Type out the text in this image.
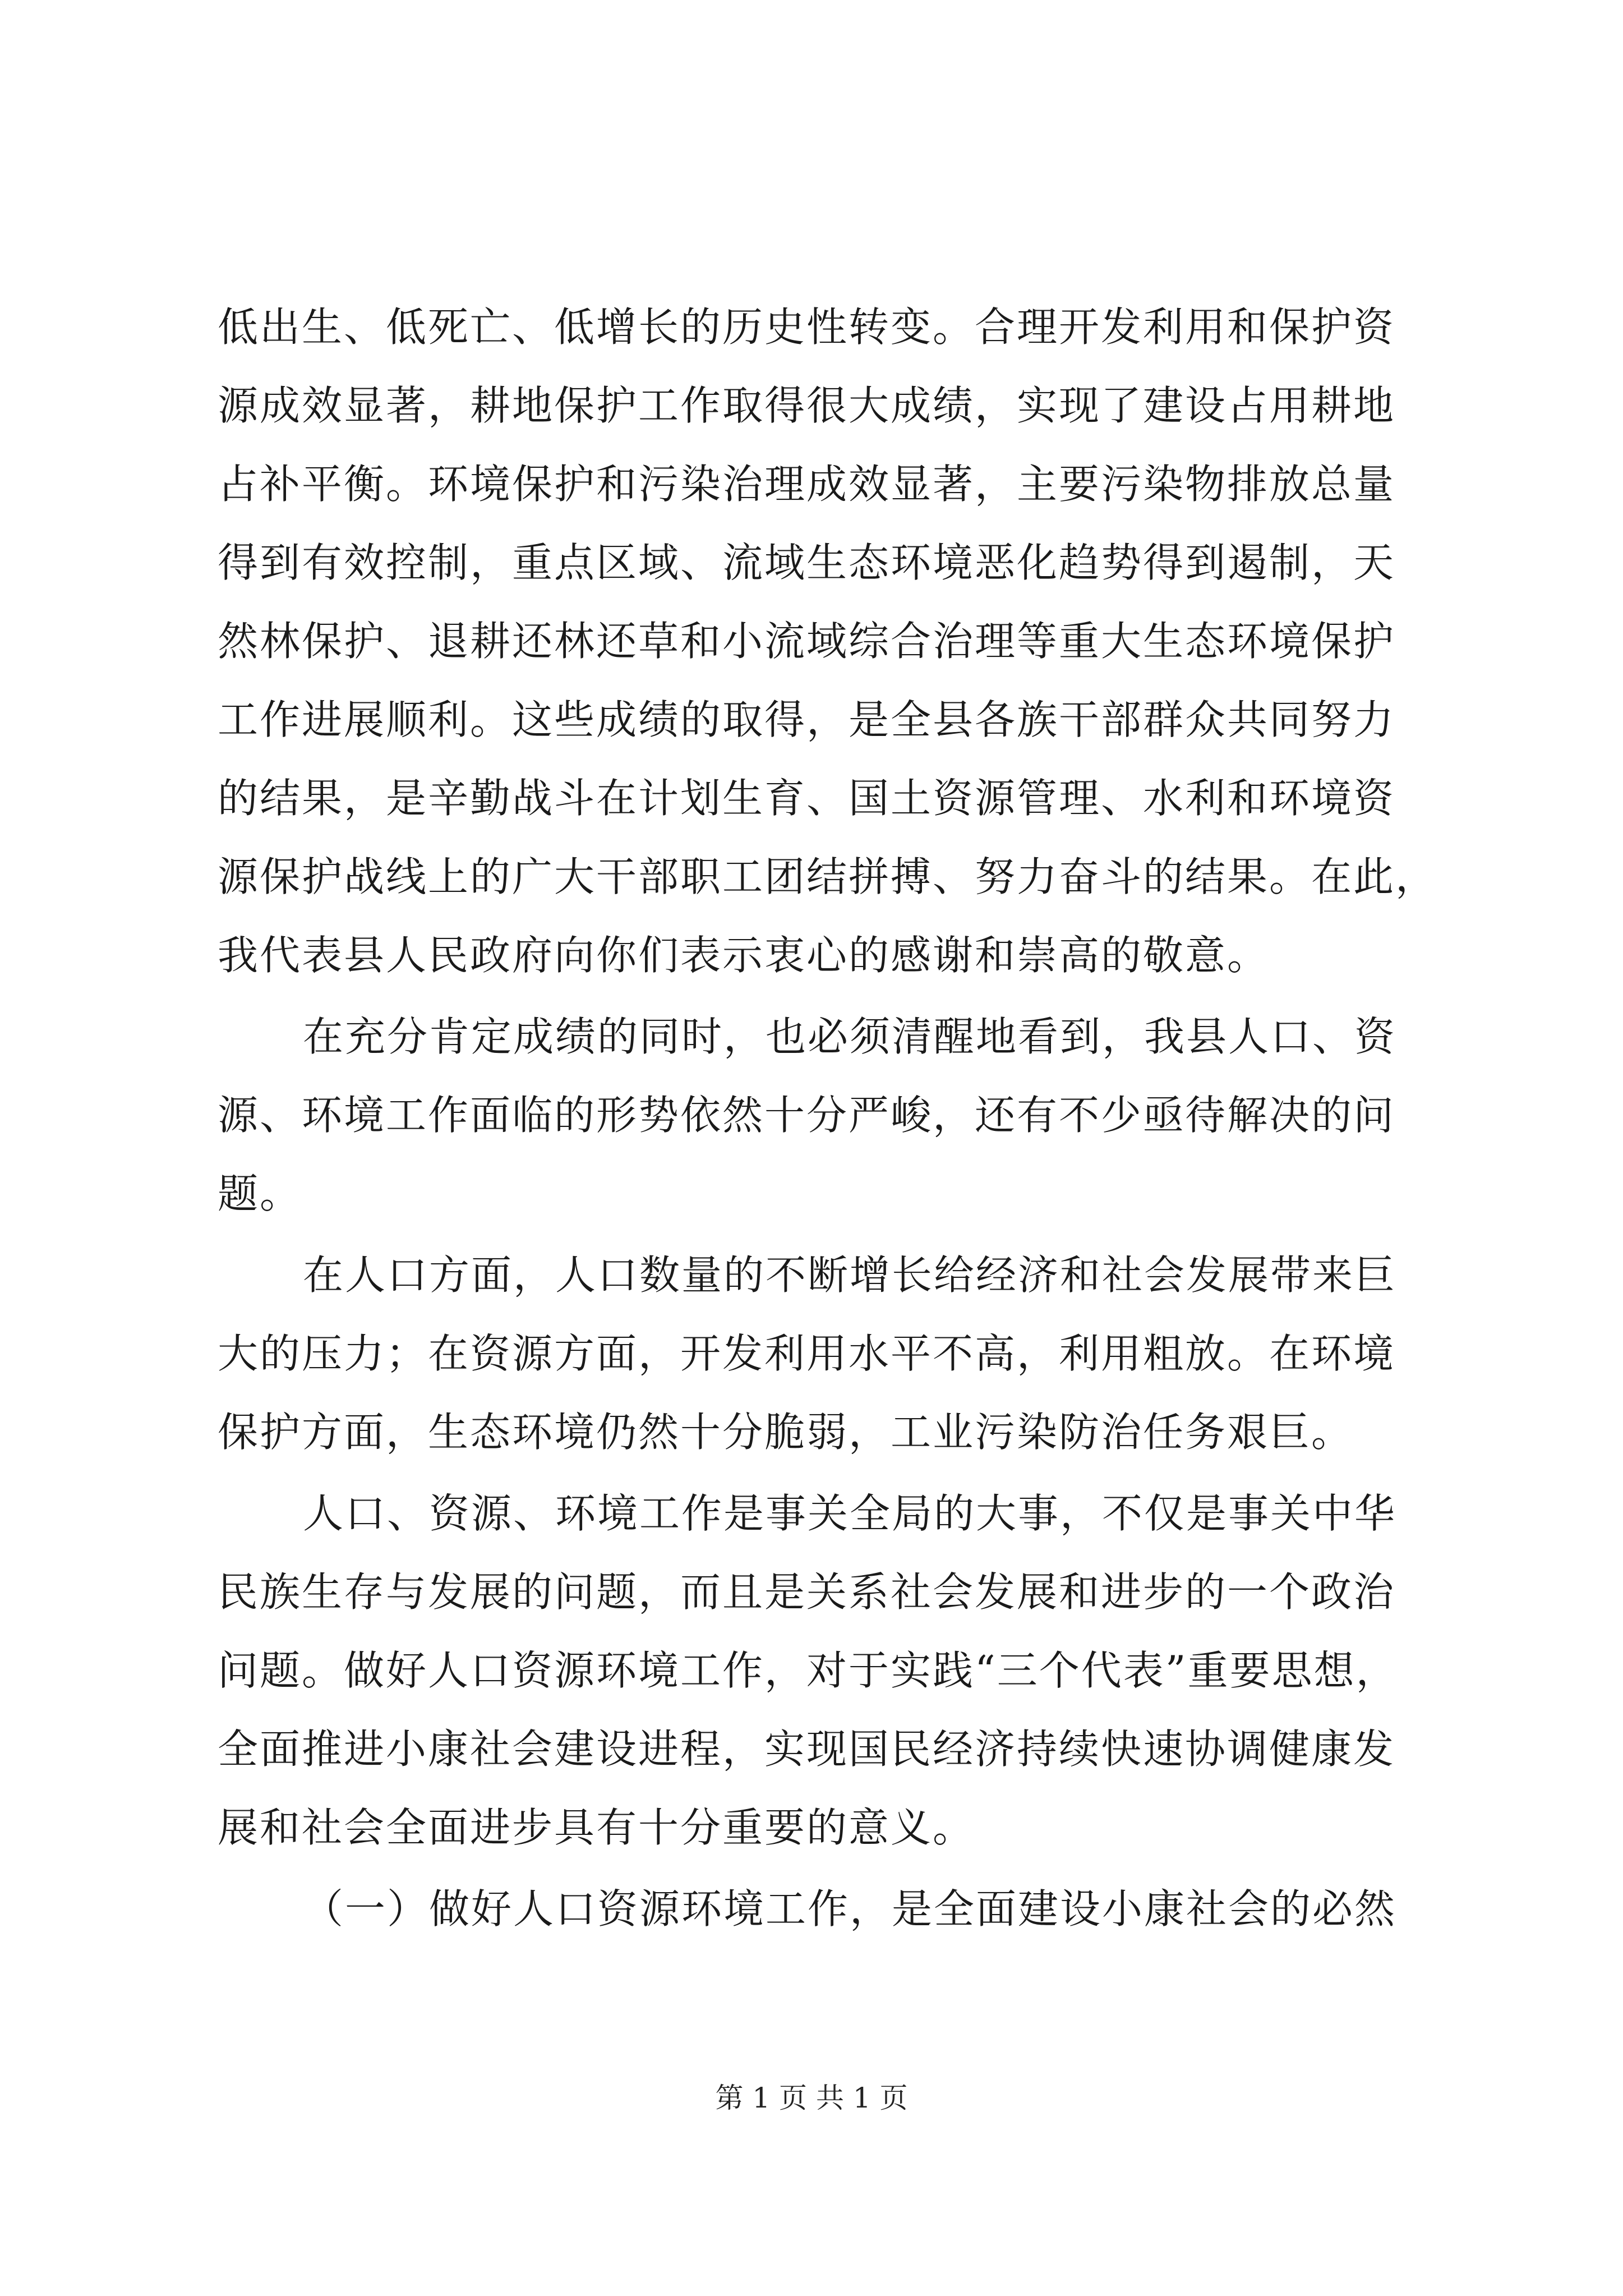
低出生、低死亡、低增长的历史性转变。合理开发利用和保护资
源成效显著，耕地保护工作取得很大成绩，实现了建设占用耕地
占补平衡。环境保护和污染治理成效显著，主要污染物排放总量
得到有效控制，重点区域、流域生态环境恶化趋势得到遏制，天
然林保护、退耕还林还草和小流域综合治理等重大生态环境保护
工作进展顺利。这些成绩的取得，是全县各族干部群众共同努力
的结果，是辛勤战斗在计划生育、国土资源管理、水利和环境资
源保护战线上的广大干部职工团结拼搏、努力奋斗的结果。在此，
我代表县人民政府向你们表示衷心的感谢和崇高的敬意。
在充分肯定成绩的同时，也必须清醒地看到，我县人口、资
源、环境工作面临的形势依然十分严峻，还有不少亟待解决的问
题。
在人口方面，人口数量的不断增长给经济和社会发展带来巨
大的压力；在资源方面，开发利用水平不高，利用粗放。在环境
保护方面，生态环境仍然十分脆弱，工业污染防治任务艰巨。
人口、资源、环境工作是事关全局的大事，不仅是事关中华
民族生存与发展的问题，而且是关系社会发展和进步的一个政治
问题。做好人口资源环境工作，对于实践“三个代表”重要思想，
全面推进小康社会建设进程，实现国民经济持续快速协调健康发
展和社会全面进步具有十分重要的意义。
（一）做好人口资源环境工作，是全面建设小康社会的必然
第 1 页 共 1 页
